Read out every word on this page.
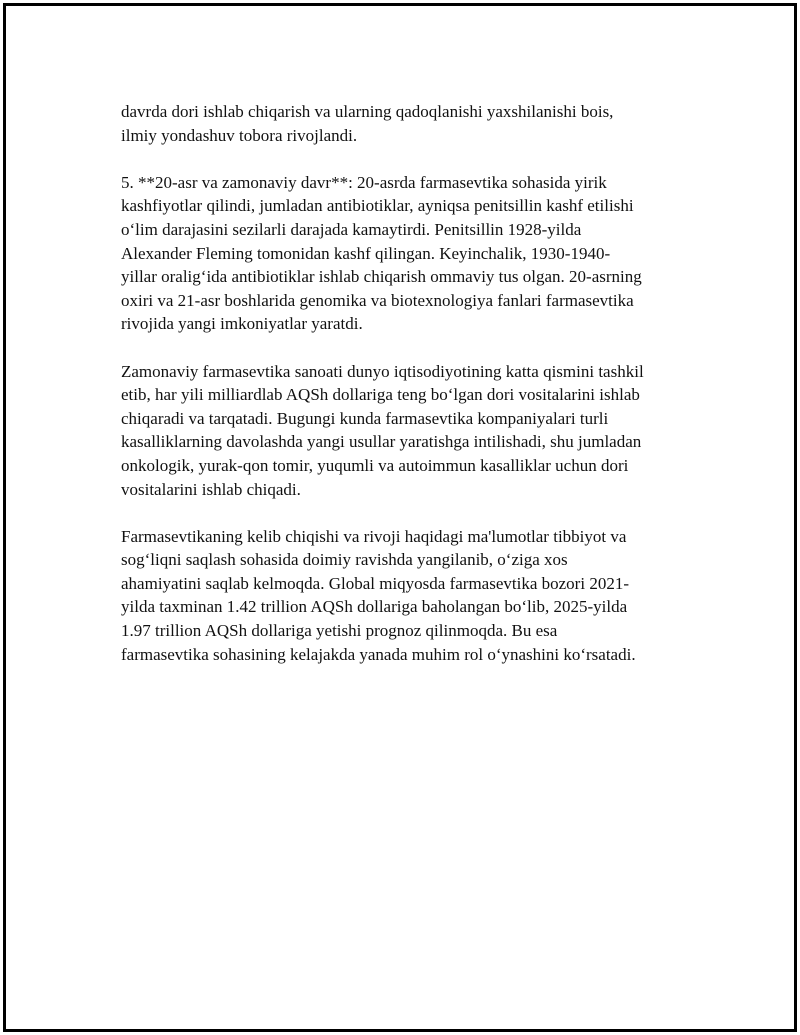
davrda dori ishlab chiqarish va ularning qadoqlanishi yaxshilanishi bois,
ilmiy yondashuv tobora rivojlandi.

5. **20-asr va zamonaviy davr**: 20-asrda farmasevtika sohasida yirik
kashfiyotlar qilindi, jumladan antibiotiklar, ayniqsa penitsillin kashf etilishi
o‘lim darajasini sezilarli darajada kamaytirdi. Penitsillin 1928-yilda
Alexander Fleming tomonidan kashf qilingan. Keyinchalik, 1930-1940-
yillar oralig‘ida antibiotiklar ishlab chiqarish ommaviy tus olgan. 20-asrning
oxiri va 21-asr boshlarida genomika va biotexnologiya fanlari farmasevtika
rivojida yangi imkoniyatlar yaratdi.

Zamonaviy farmasevtika sanoati dunyo iqtisodiyotining katta qismini tashkil
etib, har yili milliardlab AQSh dollariga teng bo‘lgan dori vositalarini ishlab
chiqaradi va tarqatadi. Bugungi kunda farmasevtika kompaniyalari turli
kasalliklarning davolashda yangi usullar yaratishga intilishadi, shu jumladan
onkologik, yurak-qon tomir, yuqumli va autoimmun kasalliklar uchun dori
vositalarini ishlab chiqadi.

Farmasevtikaning kelib chiqishi va rivoji haqidagi ma'lumotlar tibbiyot va
sog‘liqni saqlash sohasida doimiy ravishda yangilanib, o‘ziga xos
ahamiyatini saqlab kelmoqda. Global miqyosda farmasevtika bozori 2021-
yilda taxminan 1.42 trillion AQSh dollariga baholangan bo‘lib, 2025-yilda
1.97 trillion AQSh dollariga yetishi prognoz qilinmoqda. Bu esa
farmasevtika sohasining kelajakda yanada muhim rol o‘ynashini ko‘rsatadi.
